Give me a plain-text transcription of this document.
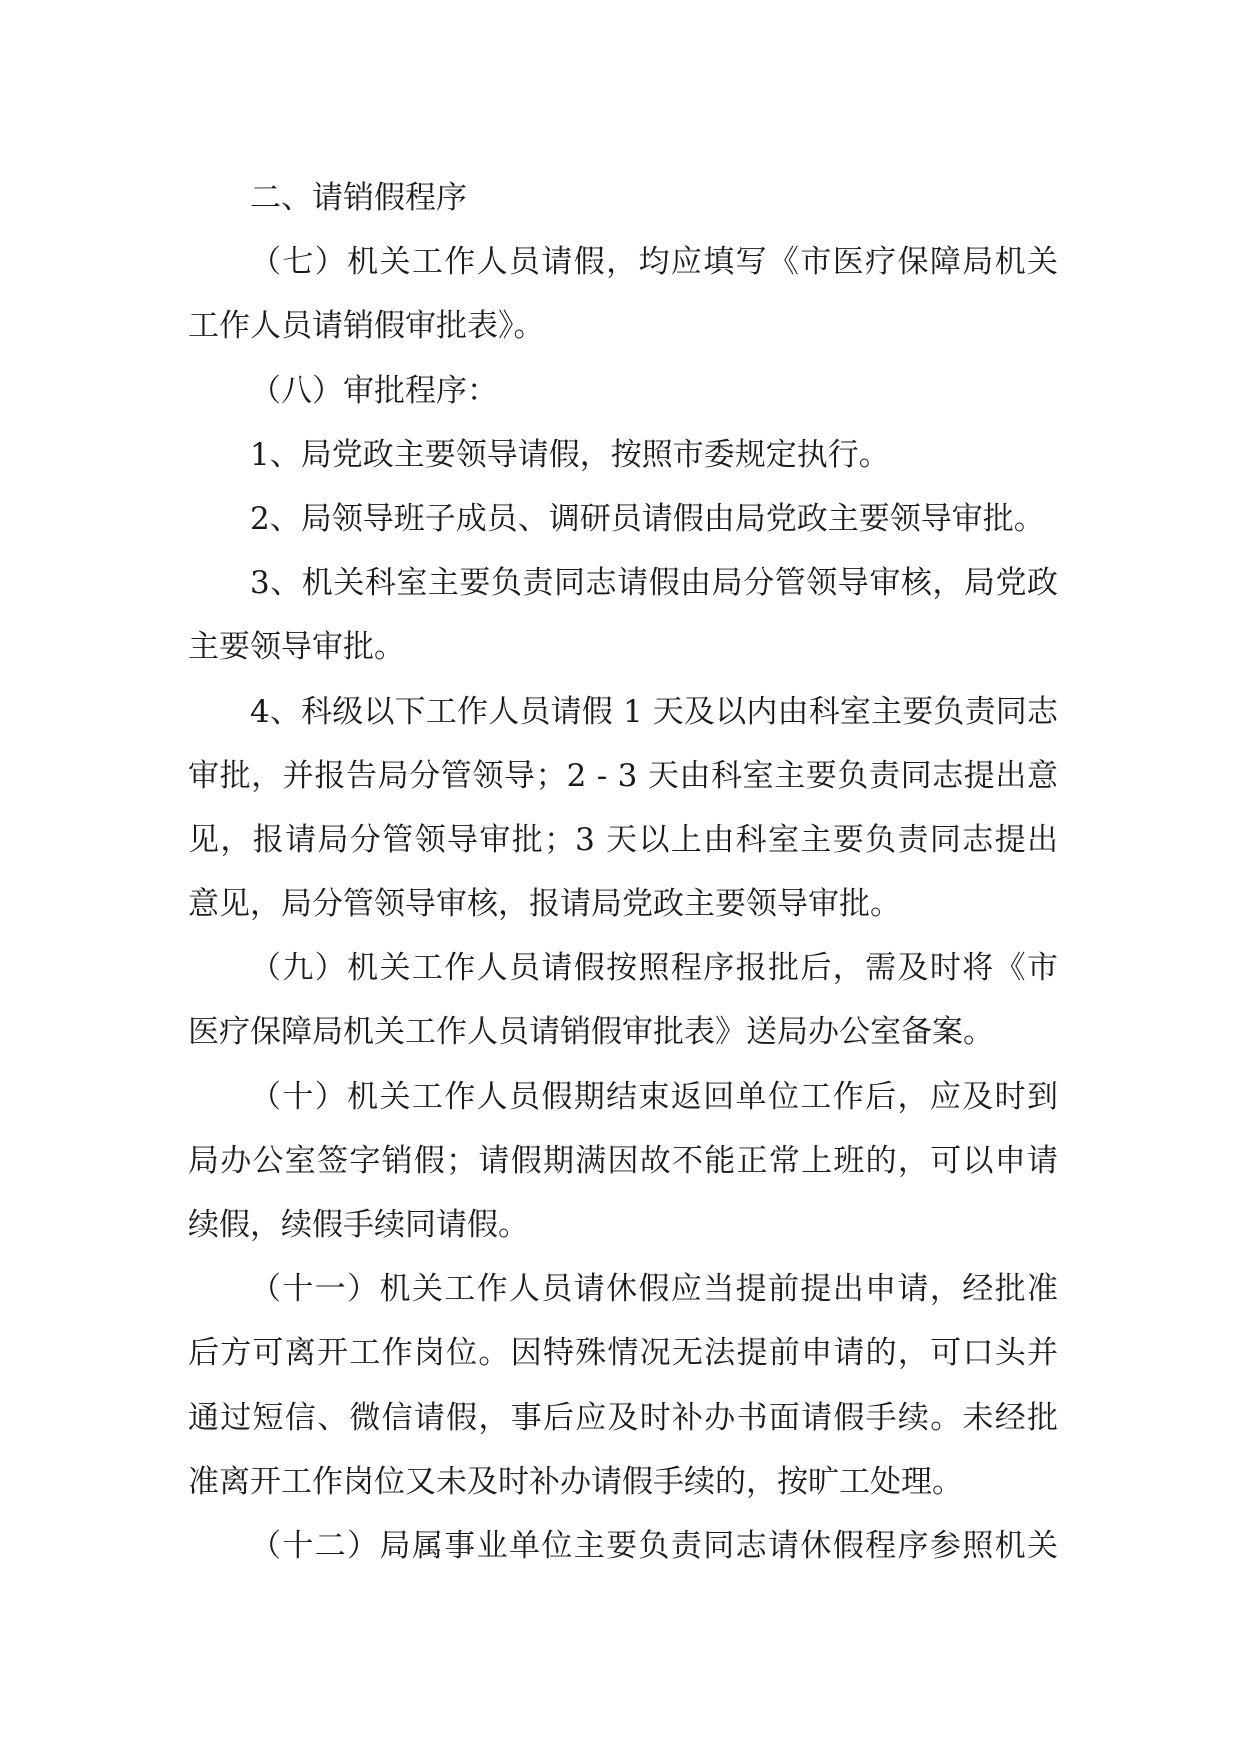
二、请销假程序
（七）机关工作人员请假，均应填写《市医疗保障局机关
工作人员请销假审批表》。
（八）审批程序：
1、局党政主要领导请假，按照市委规定执行。
2、局领导班子成员、调研员请假由局党政主要领导审批。
3、机关科室主要负责同志请假由局分管领导审核，局党政
主要领导审批。
4、科级以下工作人员请假 1 天及以内由科室主要负责同志
审批，并报告局分管领导；2 - 3 天由科室主要负责同志提出意
见，报请局分管领导审批；3 天以上由科室主要负责同志提出
意见，局分管领导审核，报请局党政主要领导审批。
（九）机关工作人员请假按照程序报批后，需及时将《市
医疗保障局机关工作人员请销假审批表》送局办公室备案。
（十）机关工作人员假期结束返回单位工作后，应及时到
局办公室签字销假；请假期满因故不能正常上班的，可以申请
续假，续假手续同请假。
（十一）机关工作人员请休假应当提前提出申请，经批准
后方可离开工作岗位。因特殊情况无法提前申请的，可口头并
通过短信、微信请假，事后应及时补办书面请假手续。未经批
准离开工作岗位又未及时补办请假手续的，按旷工处理。
（十二）局属事业单位主要负责同志请休假程序参照机关
